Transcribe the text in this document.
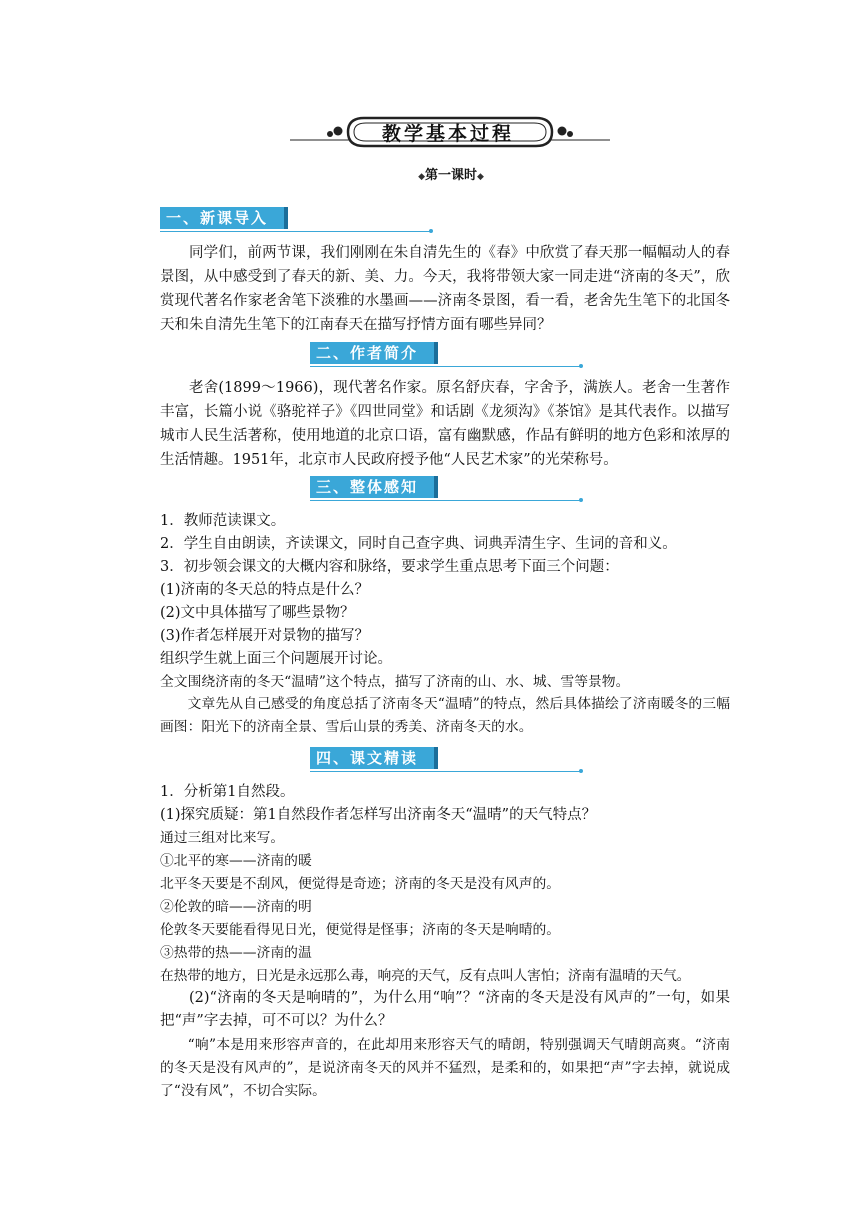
教学基本过程
◆第一课时◆
一、新课导入

同学们，前两节课，我们刚刚在朱自清先生的《春》中欣赏了春天那一幅幅动人的春景图，从中感受到了春天的新、美、力。今天，我将带领大家一同走进“济南的冬天”，欣赏现代著名作家老舍笔下淡雅的水墨画——济南冬景图，看一看，老舍先生笔下的北国冬天和朱自清先生笔下的江南春天在描写抒情方面有哪些异同？

二、作者简介

老舍(1899～1966)，现代著名作家。原名舒庆春，字舍予，满族人。老舍一生著作丰富，长篇小说《骆驼祥子》《四世同堂》和话剧《龙须沟》《茶馆》是其代表作。以描写城市人民生活著称，使用地道的北京口语，富有幽默感，作品有鲜明的地方色彩和浓厚的生活情趣。1951年，北京市人民政府授予他“人民艺术家”的光荣称号。

三、整体感知
1．教师范读课文。
2．学生自由朗读，齐读课文，同时自己查字典、词典弄清生字、生词的音和义。
3．初步领会课文的大概内容和脉络，要求学生重点思考下面三个问题：
(1)济南的冬天总的特点是什么？
(2)文中具体描写了哪些景物？
(3)作者怎样展开对景物的描写？
组织学生就上面三个问题展开讨论。
全文围绕济南的冬天“温晴”这个特点，描写了济南的山、水、城、雪等景物。

文章先从自己感受的角度总括了济南冬天“温晴”的特点，然后具体描绘了济南暖冬的三幅画图：阳光下的济南全景、雪后山景的秀美、济南冬天的水。

四、课文精读
1．分析第1自然段。
(1)探究质疑：第1自然段作者怎样写出济南冬天“温晴”的天气特点？
通过三组对比来写。
①北平的寒——济南的暖
北平冬天要是不刮风，便觉得是奇迹；济南的冬天是没有风声的。
②伦敦的暗——济南的明
伦敦冬天要能看得见日光，便觉得是怪事；济南的冬天是响晴的。
③热带的热——济南的温
在热带的地方，日光是永远那么毒，响亮的天气，反有点叫人害怕；济南有温晴的天气。

(2)“济南的冬天是响晴的”，为什么用“响”？“济南的冬天是没有风声的”一句，如果把“声”字去掉，可不可以？为什么？

“响”本是用来形容声音的，在此却用来形容天气的晴朗，特别强调天气晴朗高爽。“济南的冬天是没有风声的”，是说济南冬天的风并不猛烈，是柔和的，如果把“声”字去掉，就说成了“没有风”，不切合实际。
